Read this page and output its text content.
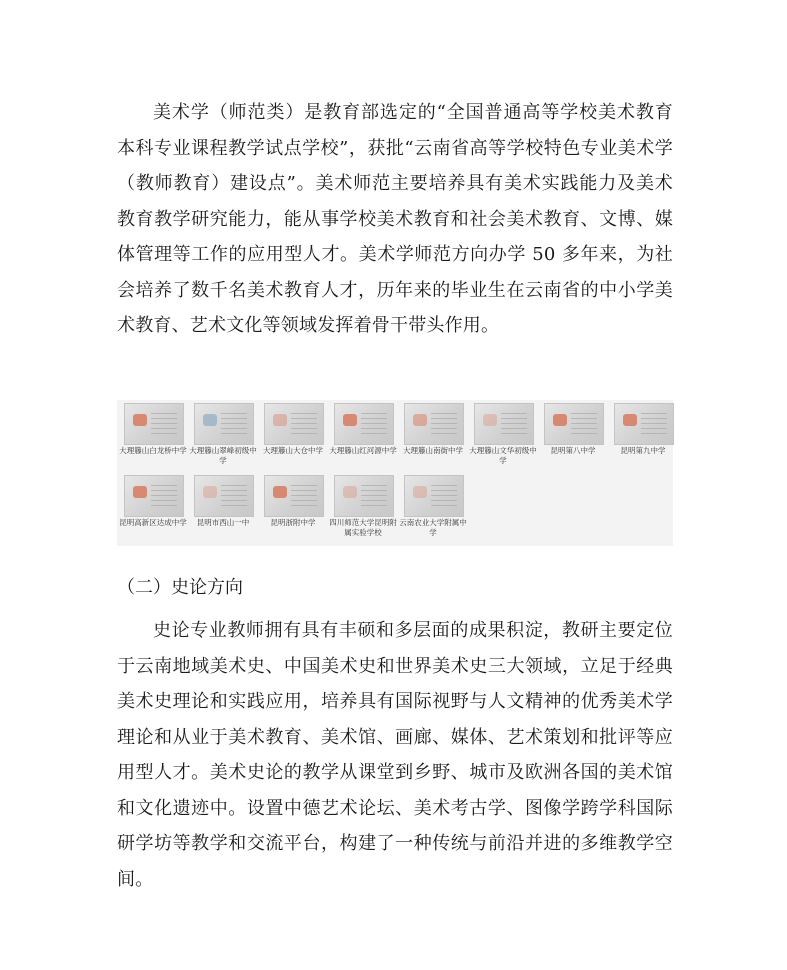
美术学（师范类）是教育部选定的“全国普通高等学校美术教育
本科专业课程教学试点学校”，获批“云南省高等学校特色专业美术学
（教师教育）建设点”。美术师范主要培养具有美术实践能力及美术
教育教学研究能力，能从事学校美术教育和社会美术教育、文博、媒
体管理等工作的应用型人才。美术学师范方向办学 50 多年来，为社
会培养了数千名美术教育人才，历年来的毕业生在云南省的中小学美
术教育、艺术文化等领域发挥着骨干带头作用。
大理籐山白龙桥中学 大理籐山翠峰初级中学
大理籐山大仓中学 大理籐山红河源中学 大理籐山南街中学 大理籐山文华初级中学
昆明第八中学	昆明第九中学
昆明高新区达成中学	昆明市西山一中	昆明浙附中学	四川师范大学昆明附属实验学校
云南农业大学附属中学
（二）史论方向
史论专业教师拥有具有丰硕和多层面的成果积淀，教研主要定位
于云南地域美术史、中国美术史和世界美术史三大领域，立足于经典
美术史理论和实践应用，培养具有国际视野与人文精神的优秀美术学
理论和从业于美术教育、美术馆、画廊、媒体、艺术策划和批评等应
用型人才。美术史论的教学从课堂到乡野、城市及欧洲各国的美术馆
和文化遗迹中。设置中德艺术论坛、美术考古学、图像学跨学科国际
研学坊等教学和交流平台，构建了一种传统与前沿并进的多维教学空
间。
